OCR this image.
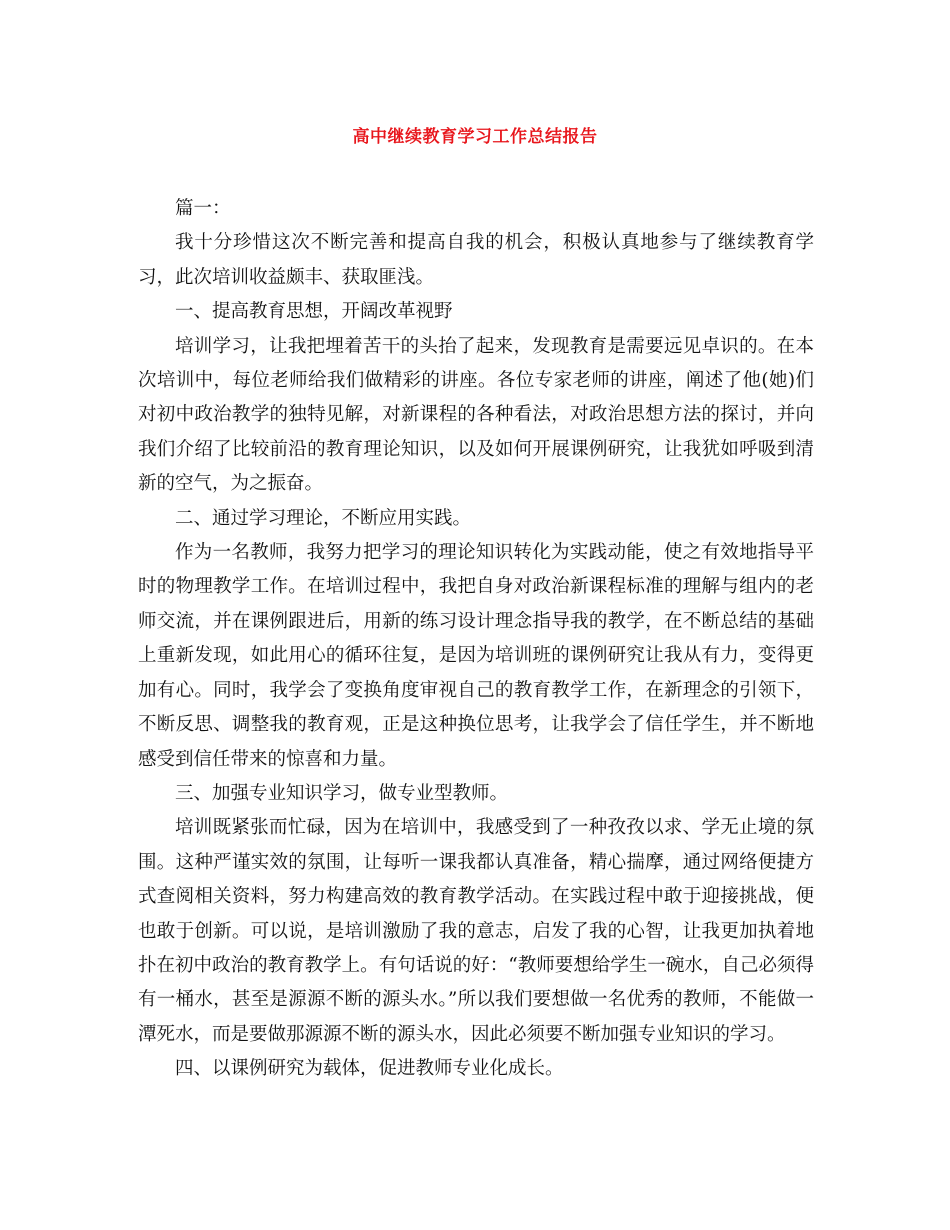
高中继续教育学习工作总结报告

篇一：

我十分珍惜这次不断完善和提高自我的机会，积极认真地参与了继续教育学习，此次培训收益颇丰、获取匪浅。

一、提高教育思想，开阔改革视野

培训学习，让我把埋着苦干的头抬了起来，发现教育是需要远见卓识的。在本次培训中，每位老师给我们做精彩的讲座。各位专家老师的讲座，阐述了他(她)们对初中政治教学的独特见解，对新课程的各种看法，对政治思想方法的探讨，并向我们介绍了比较前沿的教育理论知识，以及如何开展课例研究，让我犹如呼吸到清新的空气，为之振奋。

二、通过学习理论，不断应用实践。

作为一名教师，我努力把学习的理论知识转化为实践动能，使之有效地指导平时的物理教学工作。在培训过程中，我把自身对政治新课程标准的理解与组内的老师交流，并在课例跟进后，用新的练习设计理念指导我的教学，在不断总结的基础上重新发现，如此用心的循环往复，是因为培训班的课例研究让我从有力，变得更加有心。同时，我学会了变换角度审视自己的教育教学工作，在新理念的引领下，不断反思、调整我的教育观，正是这种换位思考，让我学会了信任学生，并不断地感受到信任带来的惊喜和力量。

三、加强专业知识学习，做专业型教师。

培训既紧张而忙碌，因为在培训中，我感受到了一种孜孜以求、学无止境的氛围。这种严谨实效的氛围，让每听一课我都认真准备，精心揣摩，通过网络便捷方式查阅相关资料，努力构建高效的教育教学活动。在实践过程中敢于迎接挑战，便也敢于创新。可以说，是培训激励了我的意志，启发了我的心智，让我更加执着地扑在初中政治的教育教学上。有句话说的好：“教师要想给学生一碗水，自己必须得有一桶水，甚至是源源不断的源头水。”所以我们要想做一名优秀的教师，不能做一潭死水，而是要做那源源不断的源头水，因此必须要不断加强专业知识的学习。

四、以课例研究为载体，促进教师专业化成长。
